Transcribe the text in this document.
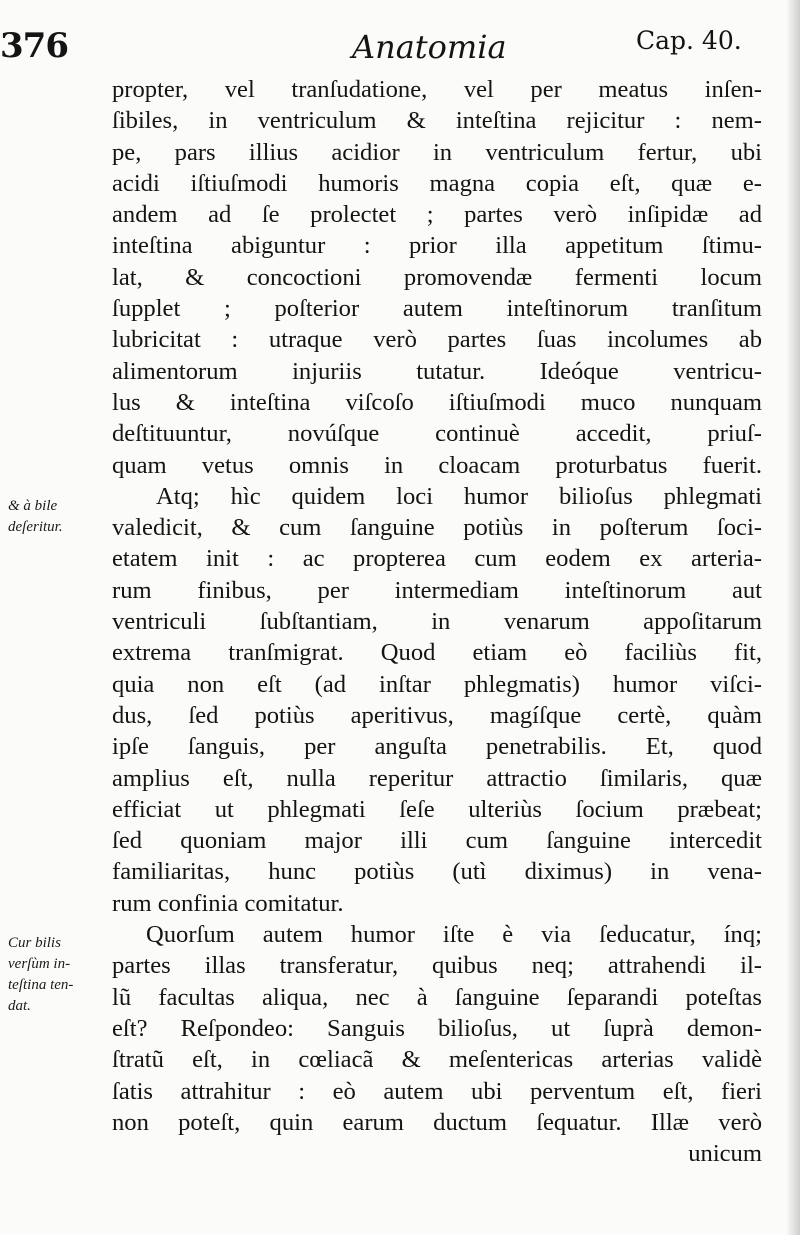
376	Anatomia	Cap. 40.
& à bile
deſeritur.
Cur bilis
verſùm in-
teſtina ten-
dat.
propter, vel tranſudatione, vel per meatus inſen-
ſibiles, in ventriculum & inteſtina rejicitur : nem-
pe, pars illius acidior in ventriculum fertur, ubi
acidi iſtiuſmodi humoris magna copia eſt, quæ e-
andem ad ſe prolectet ; partes verò inſipidæ ad
inteſtina abiguntur : prior illa appetitum ſtimu-
lat, & concoctioni promovendæ fermenti locum
ſupplet ; poſterior autem inteſtinorum tranſitum
lubricitat : utraque verò partes ſuas incolumes ab
alimentorum injuriis tutatur. Ideóque ventricu-
lus & inteſtina viſcoſo iſtiuſmodi muco nunquam
deſtituuntur, novúſque continuè accedit, priuſ-
quam vetus omnis in cloacam proturbatus fuerit.
Atq; hìc quidem loci humor bilioſus phlegmati
valedicit, & cum ſanguine potiùs in poſterum ſoci-
etatem init : ac propterea cum eodem ex arteria-
rum finibus, per intermediam inteſtinorum aut
ventriculi ſubſtantiam, in venarum appoſitarum
extrema tranſmigrat. Quod etiam eò faciliùs fit,
quia non eſt (ad inſtar phlegmatis) humor viſci-
dus, ſed potiùs aperitivus, magíſque certè, quàm
ipſe ſanguis, per anguſta penetrabilis. Et, quod
amplius eſt, nulla reperitur attractio ſimilaris, quæ
efficiat ut phlegmati ſeſe ulteriùs ſocium præbeat;
ſed quoniam major illi cum ſanguine intercedit
familiaritas, hunc potiùs (utì diximus) in vena-
rum confinia comitatur.
Quorſum autem humor iſte è via ſeducatur, ínq;
partes illas transferatur, quibus neq; attrahendi il-
lũ facultas aliqua, nec à ſanguine ſeparandi poteſtas
eſt? Reſpondeo: Sanguis bilioſus, ut ſuprà demon-
ſtratũ eſt, in cœliacã & meſentericas arterias validè
ſatis attrahitur : eò autem ubi perventum eſt, fieri
non poteſt, quin earum ductum ſequatur. Illæ verò
unicum
